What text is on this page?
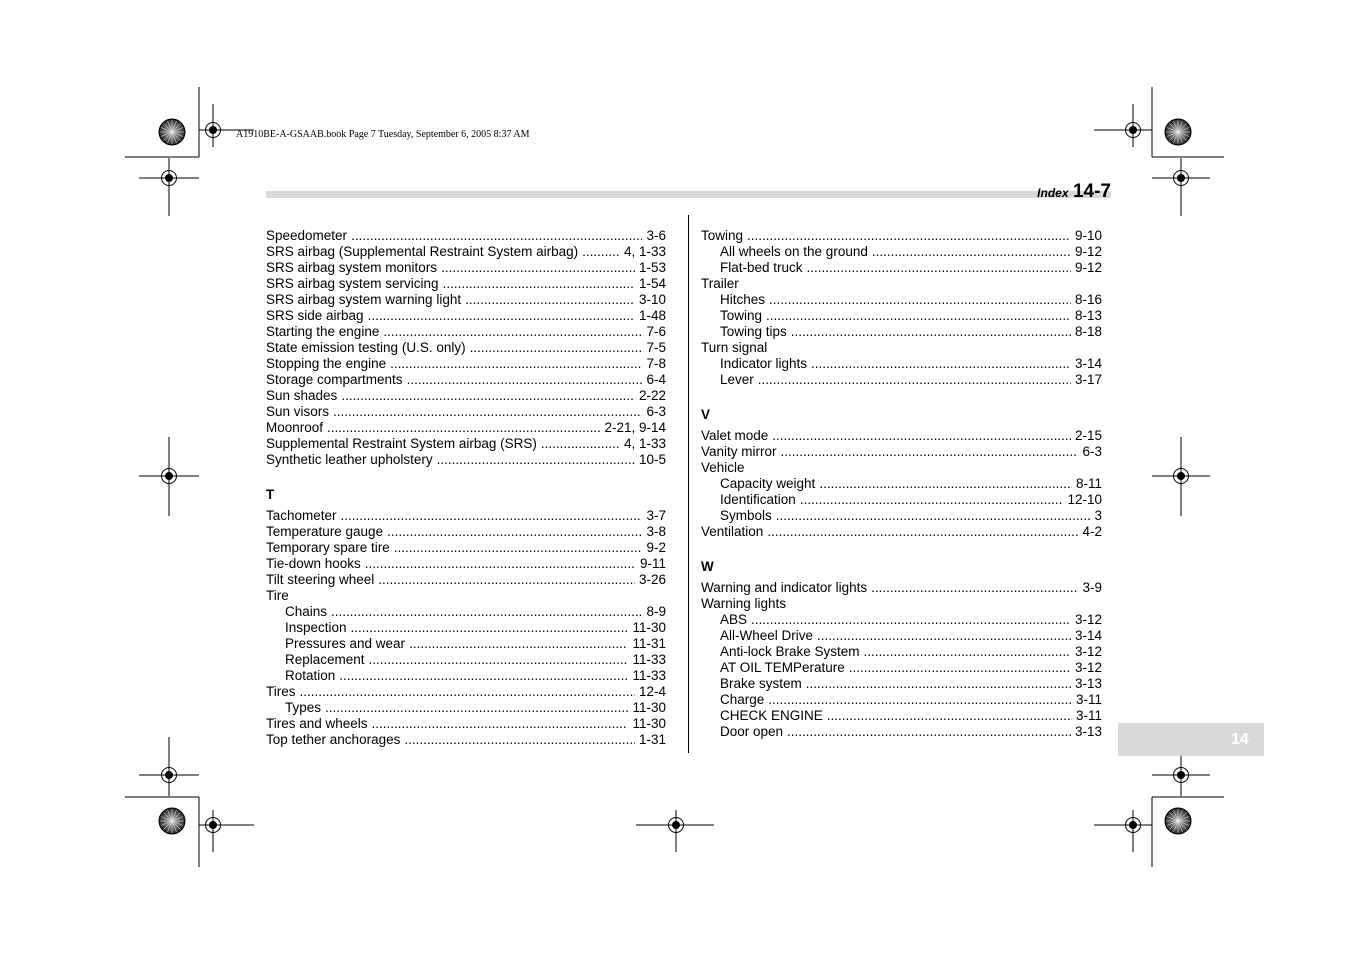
A1910BE-A-GSAAB.book Page 7 Tuesday, September 6, 2005 8:37 AM
Index 14-7
Speedometer .....	3-6
SRS airbag (Supplemental Restraint System airbag) .....	4, 1-33
SRS airbag system monitors .....	1-53
SRS airbag system servicing .....	1-54
SRS airbag system warning light .....	3-10
SRS side airbag .....	1-48
Starting the engine .....	7-6
State emission testing (U.S. only) .....	7-5
Stopping the engine .....	7-8
Storage compartments .....	6-4
Sun shades .....	2-22
Sun visors .....	6-3
Moonroof .....	2-21, 9-14
Supplemental Restraint System airbag (SRS) .....	4, 1-33
Synthetic leather upholstery .....	10-5
T
Tachometer .....	3-7
Temperature gauge .....	3-8
Temporary spare tire .....	9-2
Tie-down hooks .....	9-11
Tilt steering wheel .....	3-26
Tire
Chains .....	8-9
Inspection .....	11-30
Pressures and wear .....	11-31
Replacement .....	11-33
Rotation .....	11-33
Tires .....	12-4
Types .....	11-30
Tires and wheels .....	11-30
Top tether anchorages .....	1-31
Towing .....	9-10
All wheels on the ground .....	9-12
Flat-bed truck .....	9-12
Trailer
Hitches .....	8-16
Towing .....	8-13
Towing tips .....	8-18
Turn signal
Indicator lights .....	3-14
Lever .....	3-17
V
Valet mode .....	2-15
Vanity mirror .....	6-3
Vehicle
Capacity weight .....	8-11
Identification .....	12-10
Symbols .....	3
Ventilation .....	4-2
W
Warning and indicator lights .....	3-9
Warning lights
ABS .....	3-12
All-Wheel Drive .....	3-14
Anti-lock Brake System .....	3-12
AT OIL TEMPerature .....	3-12
Brake system .....	3-13
Charge .....	3-11
CHECK ENGINE .....	3-11
Door open .....	3-13	14
